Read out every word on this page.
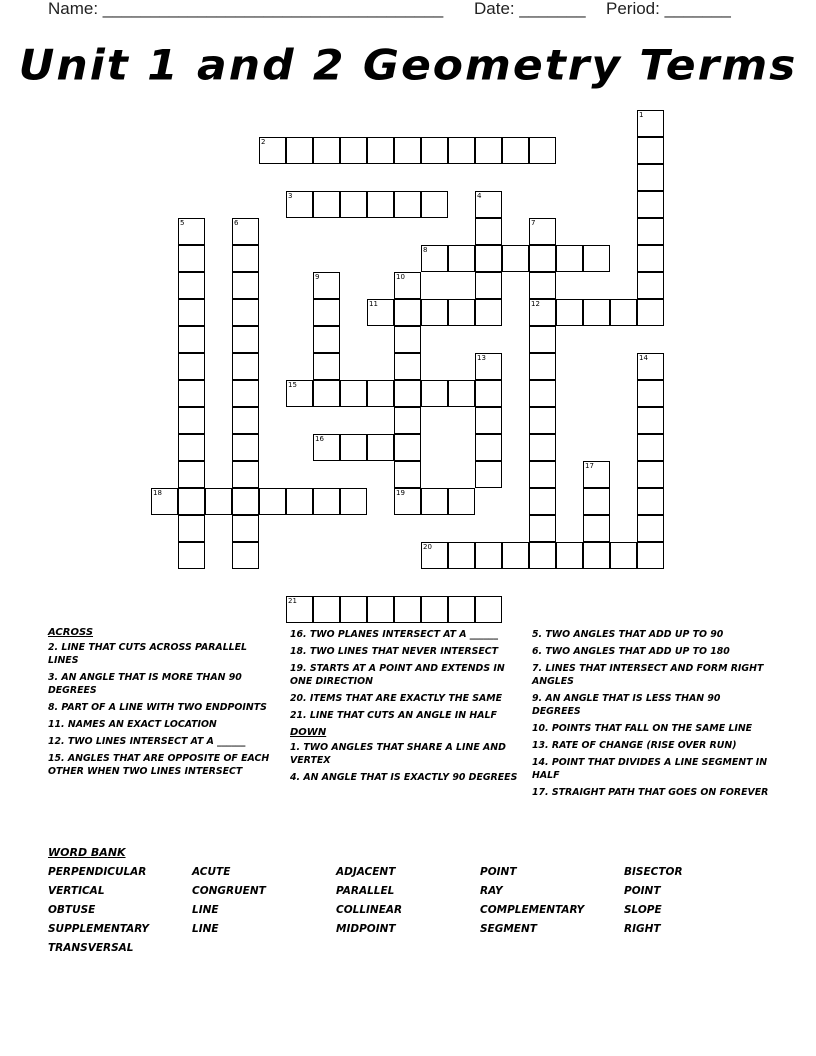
Name: ____________________________________ Date: _______ Period: _______
Unit 1 and 2 Geometry Terms
1
2
3	4
5	6	7
12
8
9	10
19
11
13	14
15
16
17
18
20
21
ACROSS
2. LINE THAT CUTS ACROSS PARALLEL LINES
3. AN ANGLE THAT IS MORE THAN 90 DEGREES
8. PART OF A LINE WITH TWO ENDPOINTS
11. NAMES AN EXACT LOCATION
12. TWO LINES INTERSECT AT A ______
15. ANGLES THAT ARE OPPOSITE OF EACH OTHER WHEN TWO LINES INTERSECT
16. TWO PLANES INTERSECT AT A ______
18. TWO LINES THAT NEVER INTERSECT
19. STARTS AT A POINT AND EXTENDS IN ONE DIRECTION
20. ITEMS THAT ARE EXACTLY THE SAME
21. LINE THAT CUTS AN ANGLE IN HALF
DOWN
1. TWO ANGLES THAT SHARE A LINE AND VERTEX
4. AN ANGLE THAT IS EXACTLY 90 DEGREES
5. TWO ANGLES THAT ADD UP TO 90
6. TWO ANGLES THAT ADD UP TO 180
7. LINES THAT INTERSECT AND FORM RIGHT ANGLES
9. AN ANGLE THAT IS LESS THAN 90 DEGREES
10. POINTS THAT FALL ON THE SAME LINE
13. RATE OF CHANGE (RISE OVER RUN)
14. POINT THAT DIVIDES A LINE SEGMENT IN HALF
17. STRAIGHT PATH THAT GOES ON FOREVER
WORD BANK
PERPENDICULAR	ACUTE	ADJACENT	POINT	BISECTOR
VERTICAL	CONGRUENT	PARALLEL	RAY	POINT
OBTUSE	LINE	COLLINEAR	COMPLEMENTARY	SLOPE
SUPPLEMENTARY	LINE	MIDPOINT	SEGMENT	RIGHT
TRANSVERSAL
